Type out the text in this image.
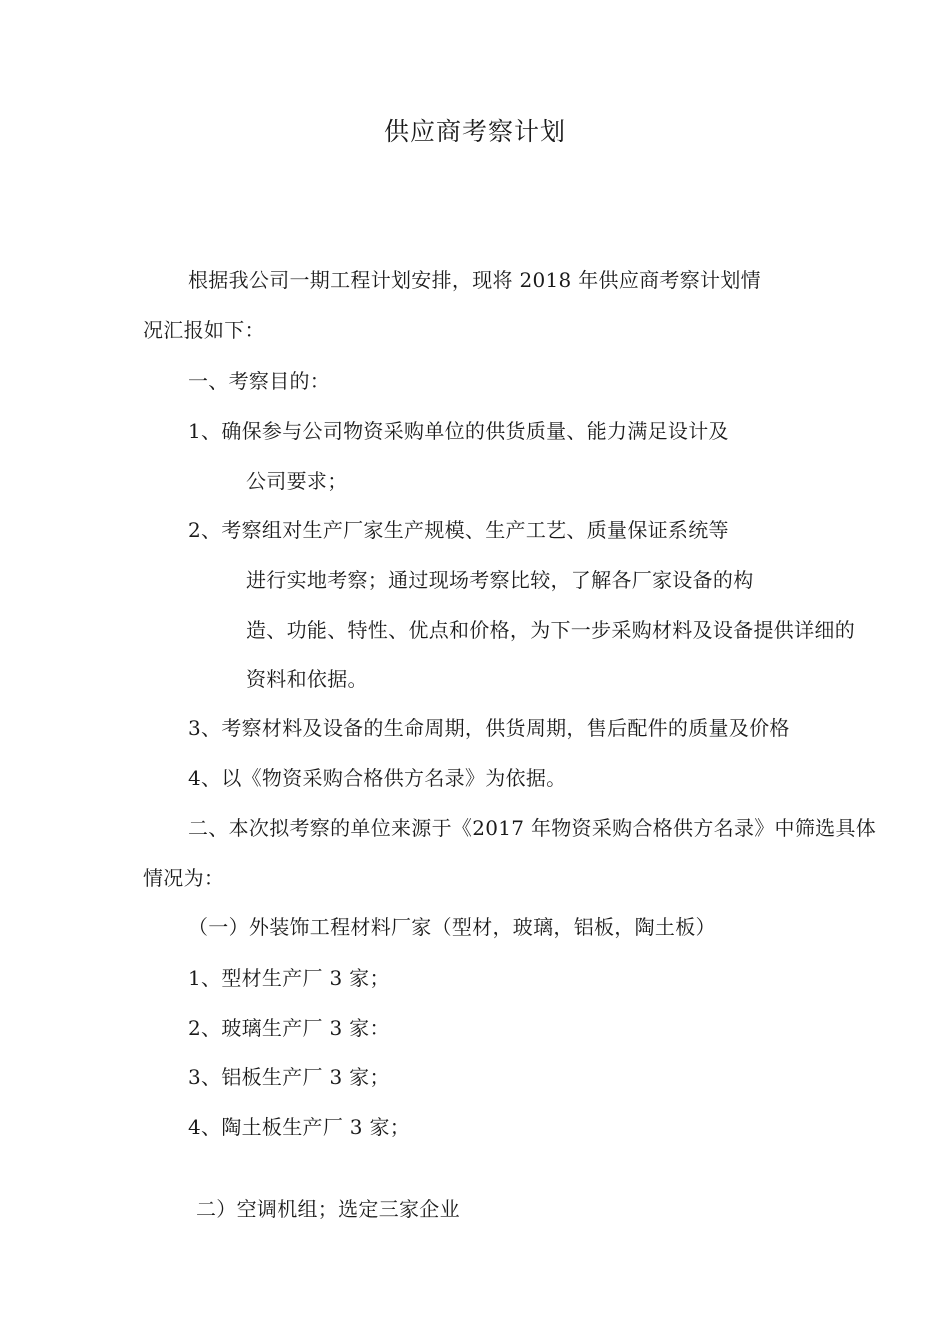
供应商考察计划
根据我公司一期工程计划安排，现将 2018 年供应商考察计划情
况汇报如下：
一、考察目的：
1、确保参与公司物资采购单位的供货质量、能力满足设计及
公司要求；
2、考察组对生产厂家生产规模、生产工艺、质量保证系统等
进行实地考察；通过现场考察比较，了解各厂家设备的构
造、功能、特性、优点和价格，为下一步采购材料及设备提供详细的
资料和依据。
3、考察材料及设备的生命周期，供货周期，售后配件的质量及价格
4、以《物资采购合格供方名录》为依据。
二、本次拟考察的单位来源于《2017 年物资采购合格供方名录》中筛选具体
情况为：
（一）外装饰工程材料厂家（型材，玻璃，铝板，陶土板）
1、型材生产厂 3 家；
2、玻璃生产厂 3 家：
3、铝板生产厂 3 家；
4、陶土板生产厂 3 家；
二）空调机组；选定三家企业
